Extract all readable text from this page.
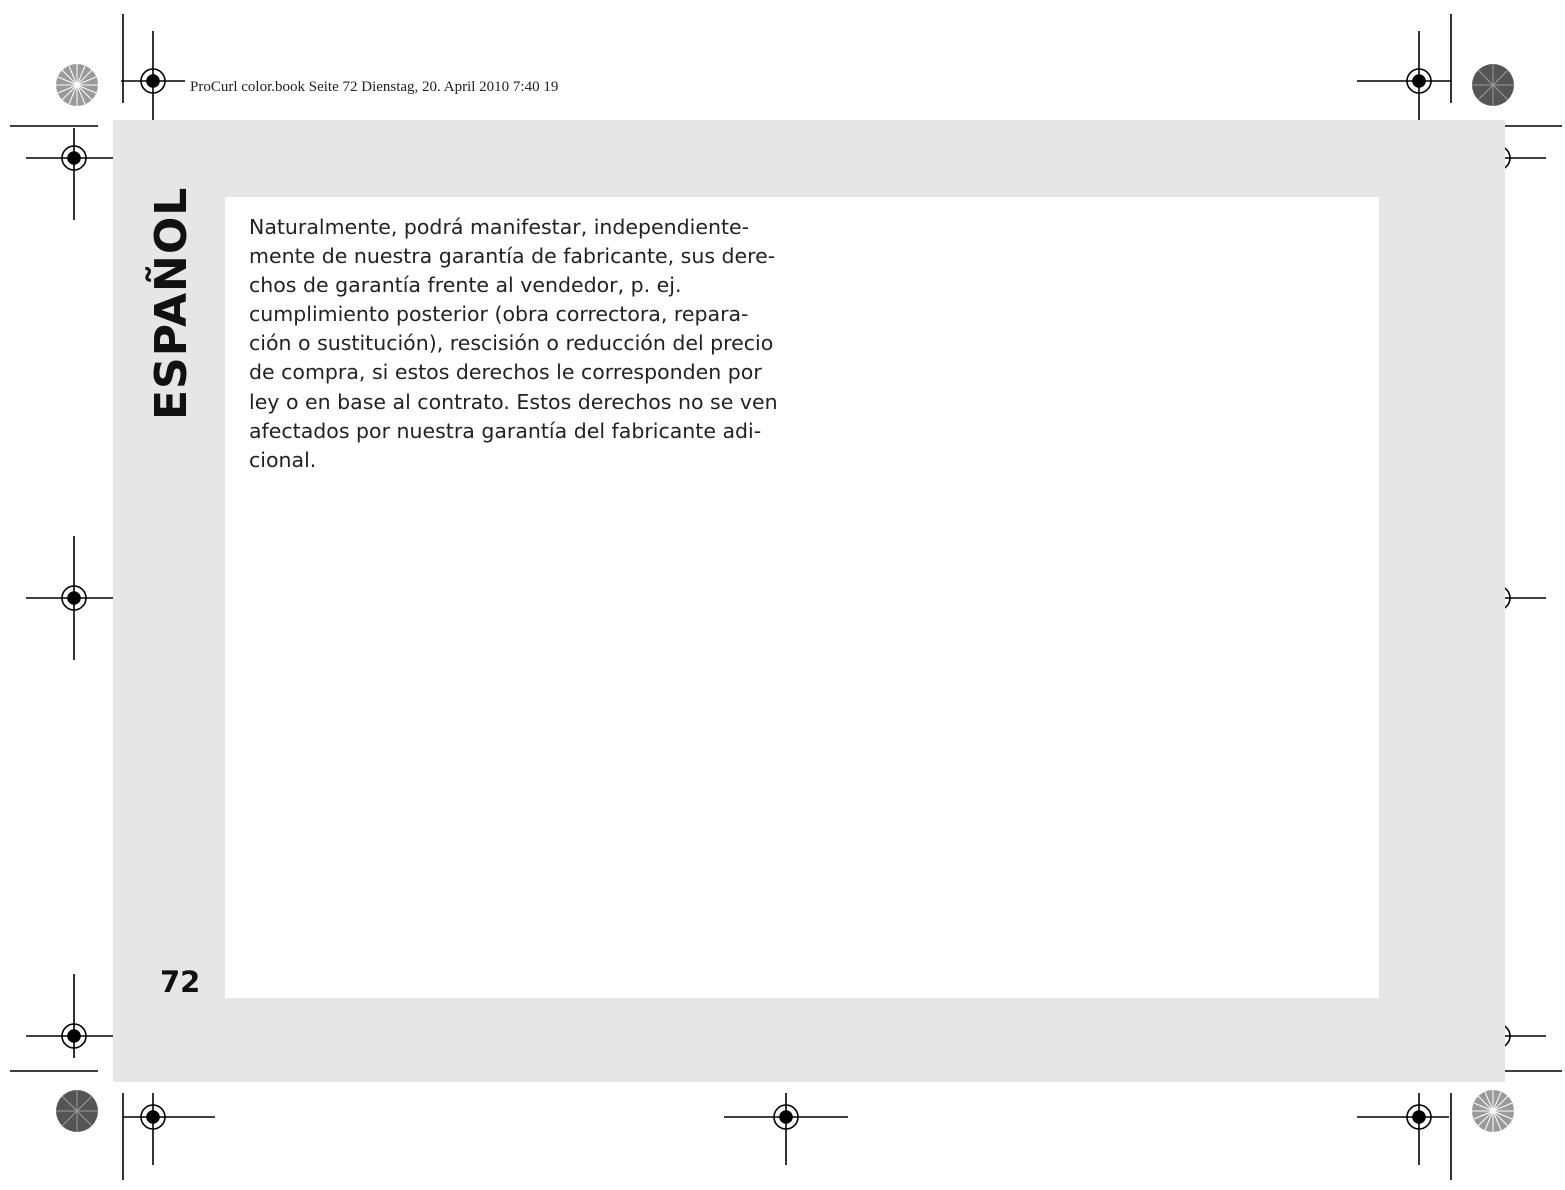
ProCurl color.book Seite 72 Dienstag, 20. April 2010 7:40 19
ESPAÑOL
72
Naturalmente, podrá manifestar, independiente-
mente de nuestra garantía de fabricante, sus dere-
chos de garantía frente al vendedor, p. ej.
cumplimiento posterior (obra correctora, repara-
ción o sustitución), rescisión o reducción del precio
de compra, si estos derechos le corresponden por
ley o en base al contrato. Estos derechos no se ven
afectados por nuestra garantía del fabricante adi-
cional.
